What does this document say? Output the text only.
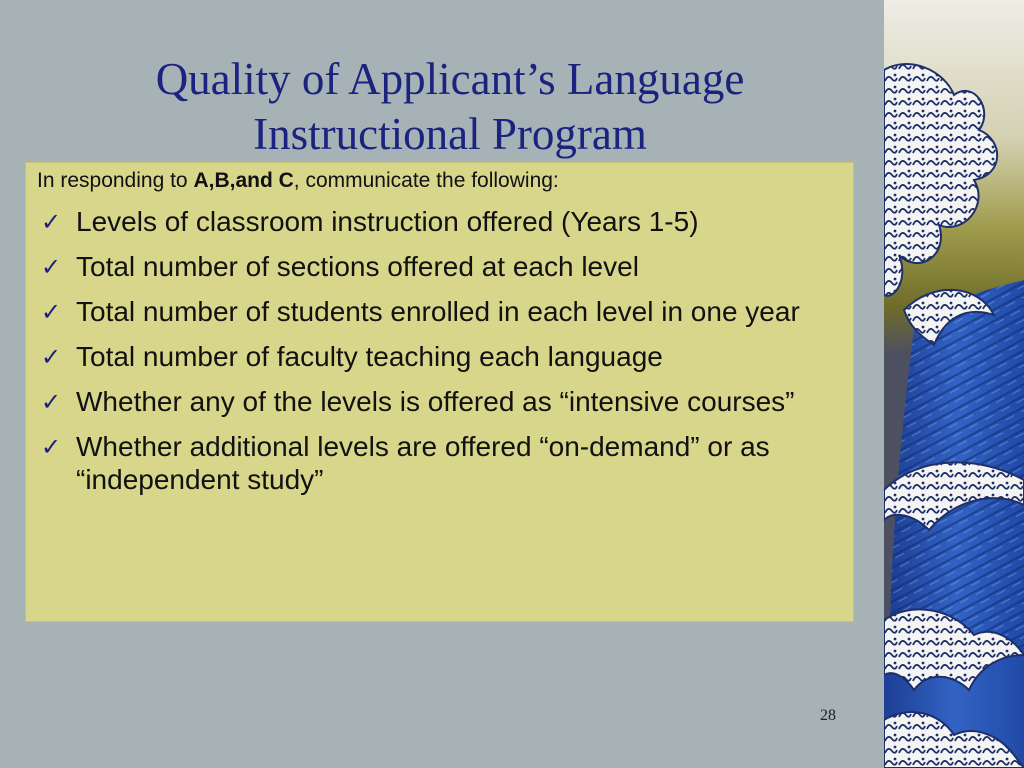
Quality of Applicant’s Language
Instructional Program
In responding to A,B,and C, communicate the following:
✓ Levels of classroom instruction offered (Years 1-5)
✓ Total number of sections offered at each level
✓ Total number of students enrolled in each level in one year
✓ Total number of faculty teaching each language
✓ Whether any of the levels is offered as “intensive courses”
✓ Whether additional levels are offered “on-demand” or as “independent study”
28
